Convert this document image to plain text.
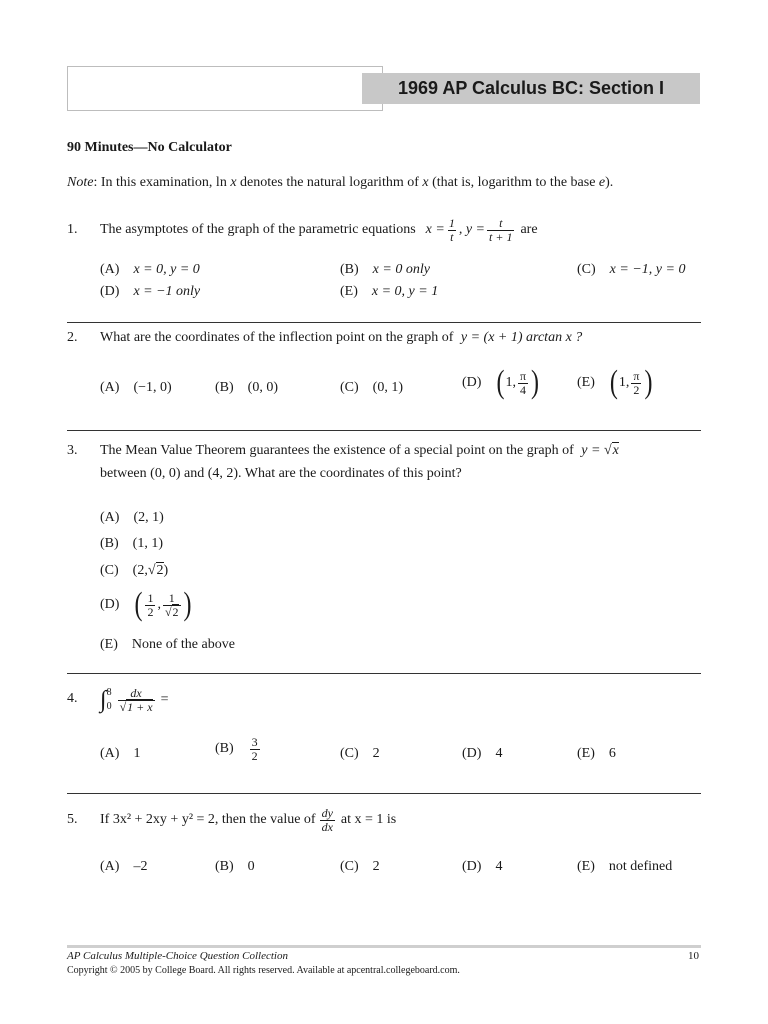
1969 AP Calculus BC: Section I
90 Minutes—No Calculator
Note: In this examination, ln x denotes the natural logarithm of x (that is, logarithm to the base e).
1. The asymptotes of the graph of the parametric equations $x = \frac{1}{t}$ , $y = \frac{t}{t + 1}$ are
(A) x = 0, y = 0	(B) x = 0 only	(C) x = −1, y = 0
(D) x = −1 only	(E) x = 0, y = 1
2. What are the coordinates of the inflection point on the graph of y = (x + 1) arctan x ?
(A) (−1, 0)	(B) (0, 0)	(C) (0, 1)	(D) ( 1, $\frac{\pi}{4}$ )	(E) ( 1, $\frac{\pi}{2}$ )
3. The Mean Value Theorem guarantees the existence of a special point on the graph of y = √x
between (0, 0) and (4, 2). What are the coordinates of this point?
(A) (2, 1)
(B) (1, 1)
(C) ( 2, √ 2 )
(D) ( $\frac{1}{2}$ , $\frac{1}{√2}$ )
(E) None of the above
4. ∫ 8
$0 \frac{dx}{√1 + x}$ =
(A) 1	$(B) \frac{3}{2}$	(C) 2	(D) 4	(E) 6
5. If 3x² + 2xy + y² = 2, then the value of $\frac{dy}{dx}$ at x = 1 is
(A) –2	(B) 0	(C) 2	(D) 4	(E) not defined
AP Calculus Multiple-Choice Question Collection
Copyright © 2005 by College Board. All rights reserved. Available at apcentral.collegeboard.com.
10
